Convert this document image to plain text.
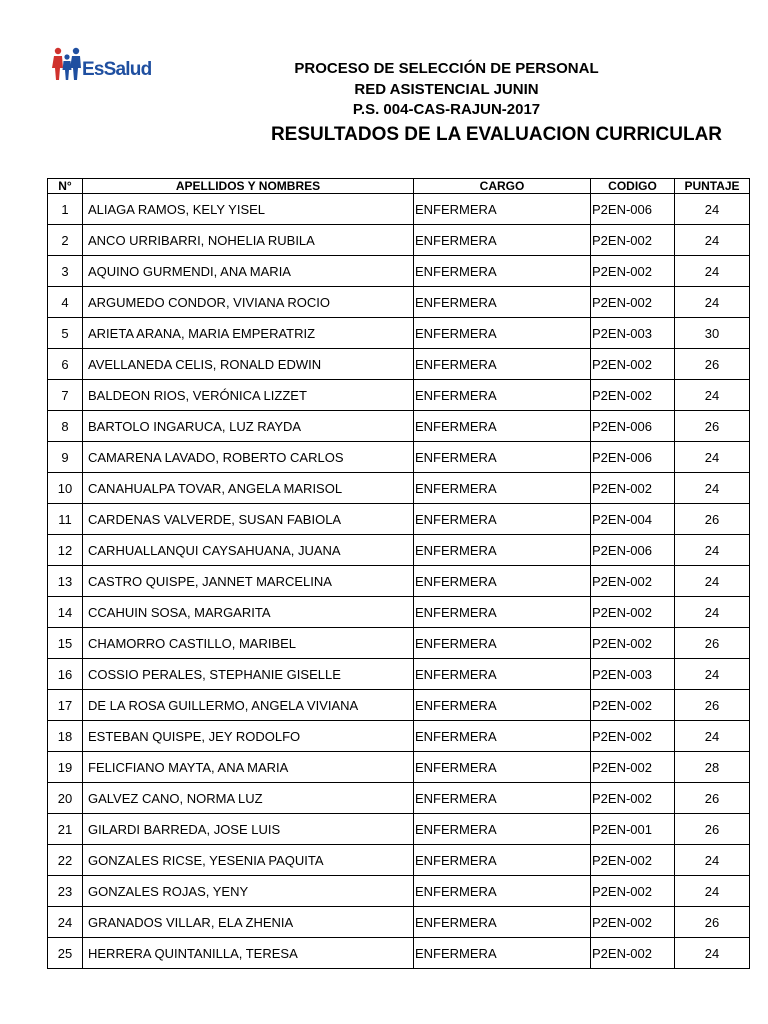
EsSalud	PROCESO DE SELECCIÓN DE PERSONAL
RED ASISTENCIAL JUNIN
P.S. 004-CAS-RAJUN-2017
RESULTADOS DE LA EVALUACION CURRICULAR
N°	APELLIDOS Y NOMBRES	CARGO	CODIGO	PUNTAJE
1	ALIAGA RAMOS, KELY YISEL	ENFERMERA	P2EN-006	24
2	ANCO URRIBARRI, NOHELIA RUBILA	ENFERMERA	P2EN-002	24
3	AQUINO GURMENDI, ANA MARIA	ENFERMERA	P2EN-002	24
4	ARGUMEDO CONDOR, VIVIANA ROCIO	ENFERMERA	P2EN-002	24
5	ARIETA ARANA, MARIA EMPERATRIZ	ENFERMERA	P2EN-003	30
6	AVELLANEDA CELIS, RONALD EDWIN	ENFERMERA	P2EN-002	26
7	BALDEON RIOS, VERÓNICA LIZZET	ENFERMERA	P2EN-002	24
8	BARTOLO INGARUCA, LUZ RAYDA	ENFERMERA	P2EN-006	26
9	CAMARENA LAVADO, ROBERTO CARLOS	ENFERMERA	P2EN-006	24
10	CANAHUALPA TOVAR, ANGELA MARISOL	ENFERMERA	P2EN-002	24
11	CARDENAS VALVERDE, SUSAN FABIOLA	ENFERMERA	P2EN-004	26
12	CARHUALLANQUI CAYSAHUANA, JUANA	ENFERMERA	P2EN-006	24
13	CASTRO QUISPE, JANNET MARCELINA	ENFERMERA	P2EN-002	24
14	CCAHUIN SOSA, MARGARITA	ENFERMERA	P2EN-002	24
15	CHAMORRO CASTILLO, MARIBEL	ENFERMERA	P2EN-002	26
16	COSSIO PERALES, STEPHANIE GISELLE	ENFERMERA	P2EN-003	24
17	DE LA ROSA GUILLERMO, ANGELA VIVIANA	ENFERMERA	P2EN-002	26
18	ESTEBAN QUISPE, JEY RODOLFO	ENFERMERA	P2EN-002	24
19	FELICFIANO MAYTA, ANA MARIA	ENFERMERA	P2EN-002	28
20	GALVEZ CANO, NORMA LUZ	ENFERMERA	P2EN-002	26
21	GILARDI BARREDA, JOSE LUIS	ENFERMERA	P2EN-001	26
22	GONZALES RICSE, YESENIA PAQUITA	ENFERMERA	P2EN-002	24
23	GONZALES ROJAS, YENY	ENFERMERA	P2EN-002	24
24	GRANADOS VILLAR, ELA ZHENIA	ENFERMERA	P2EN-002	26
25	HERRERA QUINTANILLA, TERESA	ENFERMERA	P2EN-002	24
